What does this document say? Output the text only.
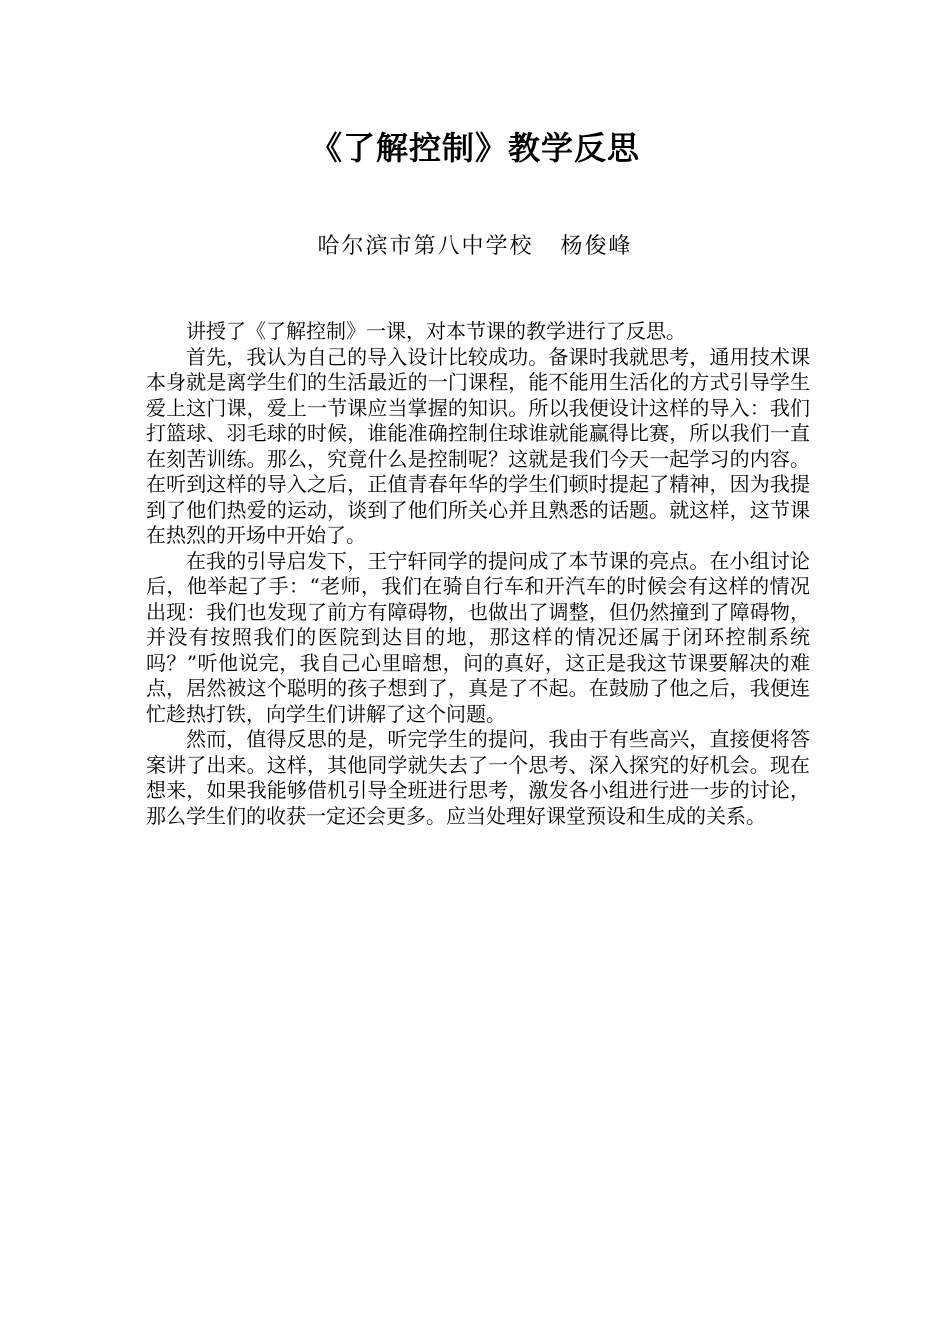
《了解控制》教学反思
哈尔滨市第八中学校   杨俊峰

讲授了《了解控制》一课，对本节课的教学进行了反思。

首先，我认为自己的导入设计比较成功。备课时我就思考，通用技术课本身就是离学生们的生活最近的一门课程，能不能用生活化的方式引导学生爱上这门课，爱上一节课应当掌握的知识。所以我便设计这样的导入：我们打篮球、羽毛球的时候，谁能准确控制住球谁就能赢得比赛，所以我们一直在刻苦训练。那么，究竟什么是控制呢？这就是我们今天一起学习的内容。在听到这样的导入之后，正值青春年华的学生们顿时提起了精神，因为我提到了他们热爱的运动，谈到了他们所关心并且熟悉的话题。就这样，这节课在热烈的开场中开始了。

在我的引导启发下，王宁轩同学的提问成了本节课的亮点。在小组讨论后，他举起了手：“老师，我们在骑自行车和开汽车的时候会有这样的情况出现：我们也发现了前方有障碍物，也做出了调整，但仍然撞到了障碍物，并没有按照我们的医院到达目的地，那这样的情况还属于闭环控制系统吗？”听他说完，我自己心里暗想，问的真好，这正是我这节课要解决的难点，居然被这个聪明的孩子想到了，真是了不起。在鼓励了他之后，我便连忙趁热打铁，向学生们讲解了这个问题。

然而，值得反思的是，听完学生的提问，我由于有些高兴，直接便将答案讲了出来。这样，其他同学就失去了一个思考、深入探究的好机会。现在想来，如果我能够借机引导全班进行思考，激发各小组进行进一步的讨论，那么学生们的收获一定还会更多。应当处理好课堂预设和生成的关系。
